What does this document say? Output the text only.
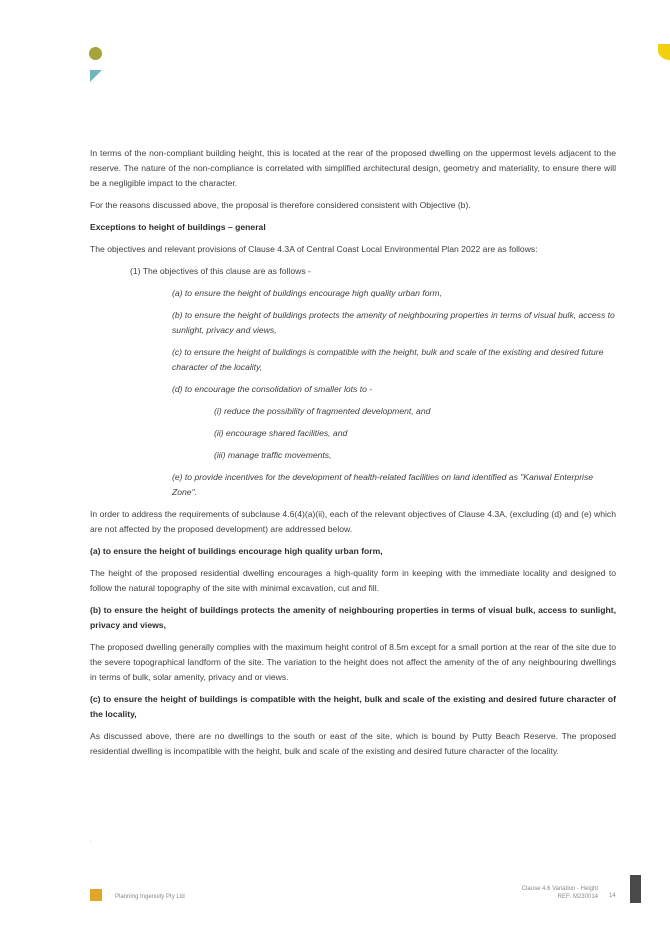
In terms of the non-compliant building height, this is located at the rear of the proposed dwelling on the uppermost levels adjacent to the reserve. The nature of the non-compliance is correlated with simplified architectural design, geometry and materiality, to ensure there will be a negligible impact to the character.

For the reasons discussed above, the proposal is therefore considered consistent with Objective (b).

Exceptions to height of buildings – general

The objectives and relevant provisions of Clause 4.3A of Central Coast Local Environmental Plan 2022 are as follows:

(1) The objectives of this clause are as follows -

(a) to ensure the height of buildings encourage high quality urban form,

(b) to ensure the height of buildings protects the amenity of neighbouring properties in terms of visual bulk, access to sunlight, privacy and views,

(c) to ensure the height of buildings is compatible with the height, bulk and scale of the existing and desired future character of the locality,

(d) to encourage the consolidation of smaller lots to -

(i) reduce the possibility of fragmented development, and

(ii) encourage shared facilities, and

(iii) manage traffic movements,

(e) to provide incentives for the development of health-related facilities on land identified as "Kanwal Enterprise Zone".

In order to address the requirements of subclause 4.6(4)(a)(ii), each of the relevant objectives of Clause 4.3A, (excluding (d) and (e) which are not affected by the proposed development) are addressed below.

(a) to ensure the height of buildings encourage high quality urban form,

The height of the proposed residential dwelling encourages a high-quality form in keeping with the immediate locality and designed to follow the natural topography of the site with minimal excavation, cut and fill.

(b) to ensure the height of buildings protects the amenity of neighbouring properties in terms of visual bulk, access to sunlight, privacy and views,

The proposed dwelling generally complies with the maximum height control of 8.5m except for a small portion at the rear of the site due to the severe topographical landform of the site. The variation to the height does not affect the amenity of the of any neighbouring dwellings in terms of bulk, solar amenity, privacy and or views.

(c) to ensure the height of buildings is compatible with the height, bulk and scale of the existing and desired future character of the locality,

As discussed above, there are no dwellings to the south or east of the site, which is bound by Putty Beach Reserve. The proposed residential dwelling is incompatible with the height, bulk and scale of the existing and desired future character of the locality.

.
Planning Ingenuity Pty Ltd
Clause 4.6 Variation - Height
REF: M230014 14
